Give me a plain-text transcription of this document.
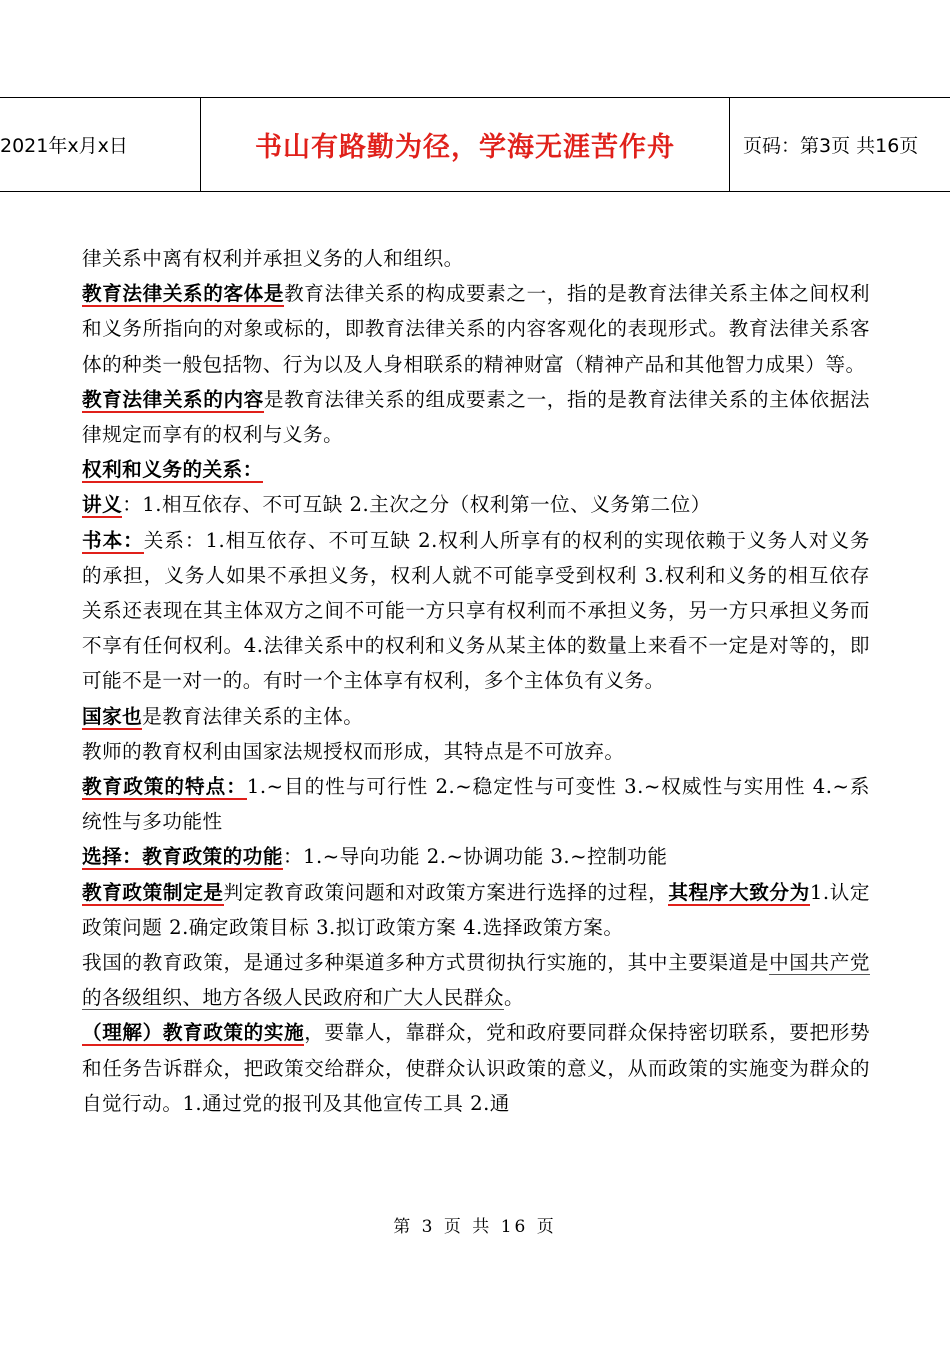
2021年x月x日	书山有路勤为径，学海无涯苦作舟	页码：第3页 共16页

律关系中离有权利并承担义务的人和组织。

教育法律关系的客体是教育法律关系的构成要素之一，指的是教育法律关系主体之间权利和义务所指向的对象或标的，即教育法律关系的内容客观化的表现形式。教育法律关系客体的种类一般包括物、行为以及人身相联系的精神财富（精神产品和其他智力成果）等。

教育法律关系的内容是教育法律关系的组成要素之一，指的是教育法律关系的主体依据法律规定而享有的权利与义务。

权利和义务的关系：

讲义：1.相互依存、不可互缺 2.主次之分（权利第一位、义务第二位）

书本：关系：1.相互依存、不可互缺 2.权利人所享有的权利的实现依赖于义务人对义务的承担，义务人如果不承担义务，权利人就不可能享受到权利 3.权利和义务的相互依存关系还表现在其主体双方之间不可能一方只享有权利而不承担义务，另一方只承担义务而不享有任何权利。4.法律关系中的权利和义务从某主体的数量上来看不一定是对等的，即可能不是一对一的。有时一个主体享有权利，多个主体负有义务。

国家也是教育法律关系的主体。

教师的教育权利由国家法规授权而形成，其特点是不可放弃。

教育政策的特点：1.~目的性与可行性 2.~稳定性与可变性 3.~权威性与实用性 4.~系统性与多功能性

选择：教育政策的功能：1.~导向功能 2.~协调功能 3.~控制功能

教育政策制定是判定教育政策问题和对政策方案进行选择的过程，其程序大致分为1.认定政策问题 2.确定政策目标 3.拟订政策方案 4.选择政策方案。

我国的教育政策，是通过多种渠道多种方式贯彻执行实施的，其中主要渠道是中国共产党的各级组织、地方各级人民政府和广大人民群众。

（理解）教育政策的实施，要靠人，靠群众，党和政府要同群众保持密切联系，要把形势和任务告诉群众，把政策交给群众，使群众认识政策的意义，从而政策的实施变为群众的自觉行动。1.通过党的报刊及其他宣传工具 2.通

第 3 页 共 16 页
